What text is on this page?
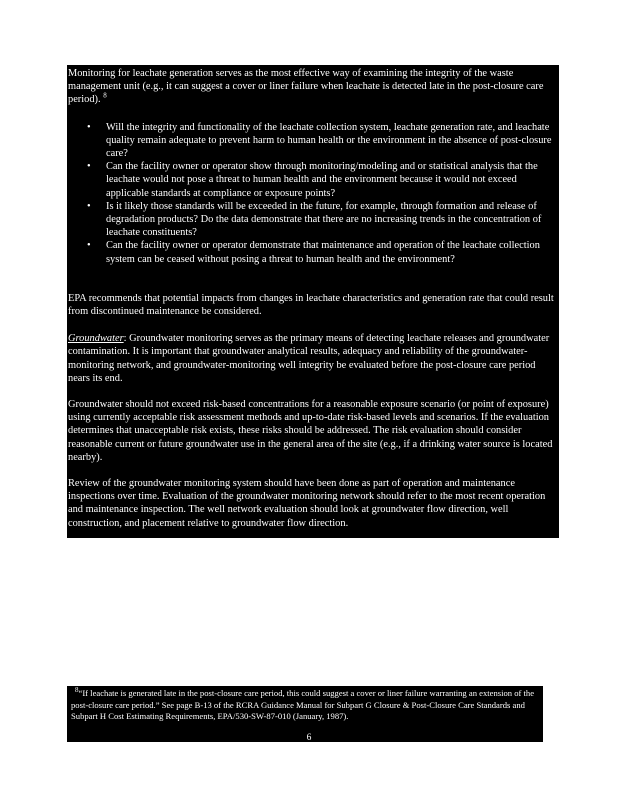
Monitoring for leachate generation serves as the most effective way of examining the integrity of the waste management unit (e.g., it can suggest a cover or liner failure when leachate is detected late in the post-closure care period). $^8$

• Will the integrity and functionality of the leachate collection system, leachate generation rate, and leachate quality remain adequate to prevent harm to human health or the environment in the absence of post-closure care?
• Can the facility owner or operator show through monitoring/modeling and or statistical analysis that the leachate would not pose a threat to human health and the environment because it would not exceed applicable standards at compliance or exposure points?
• Is it likely those standards will be exceeded in the future, for example, through formation and release of degradation products? Do the data demonstrate that there are no increasing trends in the concentration of leachate constituents?
• Can the facility owner or operator demonstrate that maintenance and operation of the leachate collection system can be ceased without posing a threat to human health and the environment?

EPA recommends that potential impacts from changes in leachate characteristics and generation rate that could result from discontinued maintenance be considered.

Groundwater: Groundwater monitoring serves as the primary means of detecting leachate releases and groundwater contamination. It is important that groundwater analytical results, adequacy and reliability of the groundwater-monitoring network, and groundwater-monitoring well integrity be evaluated before the post-closure care period nears its end.

Groundwater should not exceed risk-based concentrations for a reasonable exposure scenario (or point of exposure) using currently acceptable risk assessment methods and up-to-date risk-based levels and scenarios. If the evaluation determines that unacceptable risk exists, these risks should be addressed. The risk evaluation should consider reasonable current or future groundwater use in the general area of the site (e.g., if a drinking water source is located nearby).

Review of the groundwater monitoring system should have been done as part of operation and maintenance inspections over time. Evaluation of the groundwater monitoring network should refer to the most recent operation and maintenance inspection. The well network evaluation should look at groundwater flow direction, well construction, and placement relative to groundwater flow direction.

$^8$“If leachate is generated late in the post-closure care period, this could suggest a cover or liner failure warranting an extension of the post-closure care period.” See page B-13 of the RCRA Guidance Manual for Subpart G Closure & Post-Closure Care Standards and Subpart H Cost Estimating Requirements, EPA/530-SW-87-010 (January, 1987).

6
